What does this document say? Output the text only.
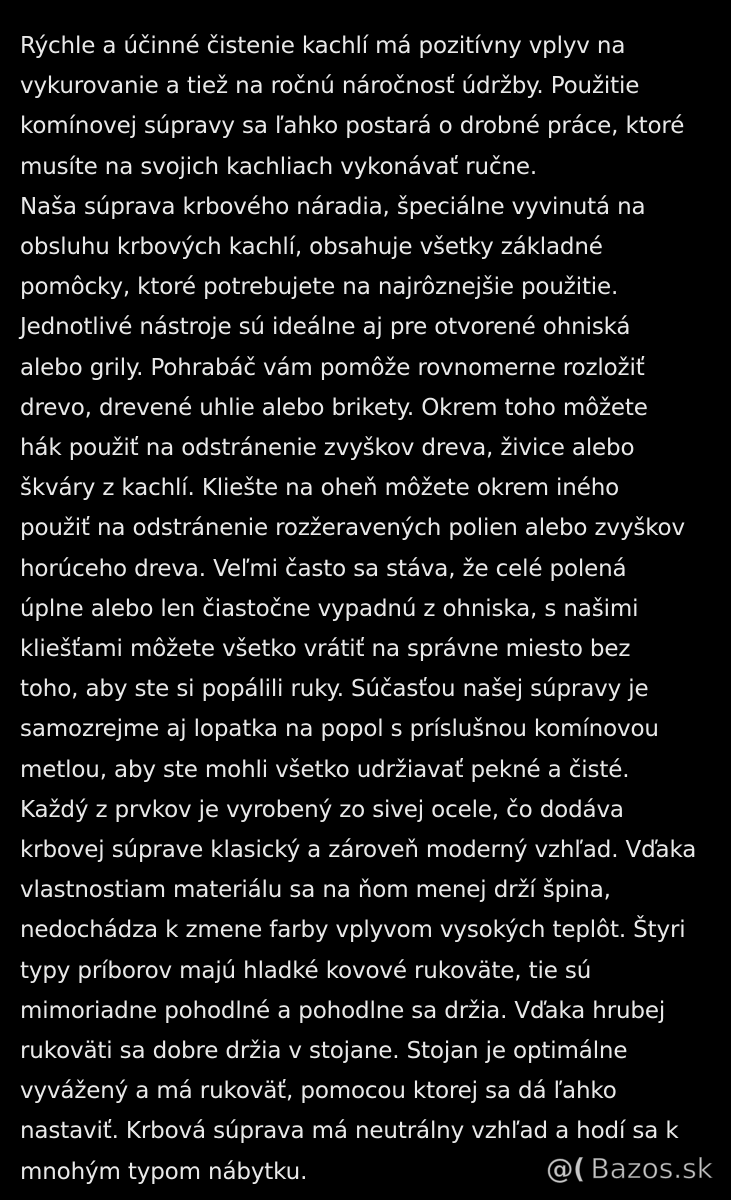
Rýchle a účinné čistenie kachlí má pozitívny vplyv na
vykurovanie a tiež na ročnú náročnosť údržby. Použitie
komínovej súpravy sa ľahko postará o drobné práce, ktoré
musíte na svojich kachliach vykonávať ručne.
Naša súprava krbového náradia, špeciálne vyvinutá na
obsluhu krbových kachlí, obsahuje všetky základné
pomôcky, ktoré potrebujete na najrôznejšie použitie.
Jednotlivé nástroje sú ideálne aj pre otvorené ohniská
alebo grily. Pohrabáč vám pomôže rovnomerne rozložiť
drevo, drevené uhlie alebo brikety. Okrem toho môžete
hák použiť na odstránenie zvyškov dreva, živice alebo
škváry z kachlí. Kliešte na oheň môžete okrem iného
použiť na odstránenie rozžeravených polien alebo zvyškov
horúceho dreva. Veľmi často sa stáva, že celé polená
úplne alebo len čiastočne vypadnú z ohniska, s našimi
kliešťami môžete všetko vrátiť na správne miesto bez
toho, aby ste si popálili ruky. Súčasťou našej súpravy je
samozrejme aj lopatka na popol s príslušnou komínovou
metlou, aby ste mohli všetko udržiavať pekné a čisté.
Každý z prvkov je vyrobený zo sivej ocele, čo dodáva
krbovej súprave klasický a zároveň moderný vzhľad. Vďaka
vlastnostiam materiálu sa na ňom menej drží špina,
nedochádza k zmene farby vplyvom vysokých teplôt. Štyri
typy príborov majú hladké kovové rukoväte, tie sú
mimoriadne pohodlné a pohodlne sa držia. Vďaka hrubej
rukoväti sa dobre držia v stojane. Stojan je optimálne
vyvážený a má rukoväť, pomocou ktorej sa dá ľahko
nastaviť. Krbová súprava má neutrálny vzhľad a hodí sa k
mnohým typom nábytku.	@( Bazos.sk
